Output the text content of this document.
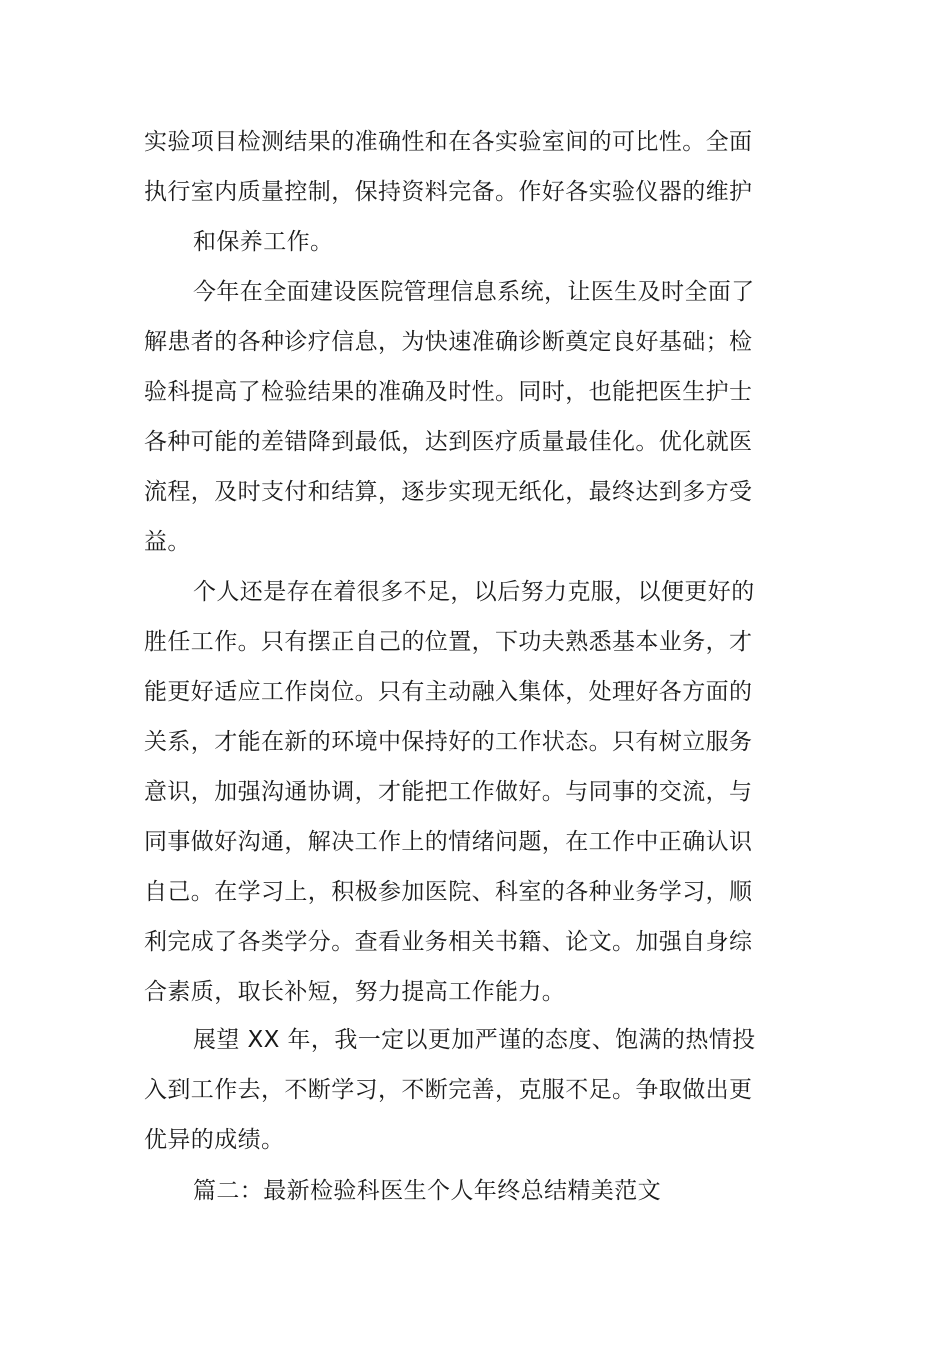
实验项目检测结果的准确性和在各实验室间的可比性。全面
执行室内质量控制，保持资料完备。作好各实验仪器的维护
和保养工作。
今年在全面建设医院管理信息系统，让医生及时全面了
解患者的各种诊疗信息，为快速准确诊断奠定良好基础；检
验科提高了检验结果的准确及时性。同时，也能把医生护士
各种可能的差错降到最低，达到医疗质量最佳化。优化就医
流程，及时支付和结算，逐步实现无纸化，最终达到多方受
益。
个人还是存在着很多不足，以后努力克服，以便更好的
胜任工作。只有摆正自己的位置，下功夫熟悉基本业务，才
能更好适应工作岗位。只有主动融入集体，处理好各方面的
关系，才能在新的环境中保持好的工作状态。只有树立服务
意识，加强沟通协调，才能把工作做好。与同事的交流，与
同事做好沟通，解决工作上的情绪问题，在工作中正确认识
自己。在学习上，积极参加医院、科室的各种业务学习，顺
利完成了各类学分。查看业务相关书籍、论文。加强自身综
合素质，取长补短，努力提高工作能力。
展望 XX 年，我一定以更加严谨的态度、饱满的热情投
入到工作去，不断学习，不断完善，克服不足。争取做出更
优异的成绩。
篇二：最新检验科医生个人年终总结精美范文
